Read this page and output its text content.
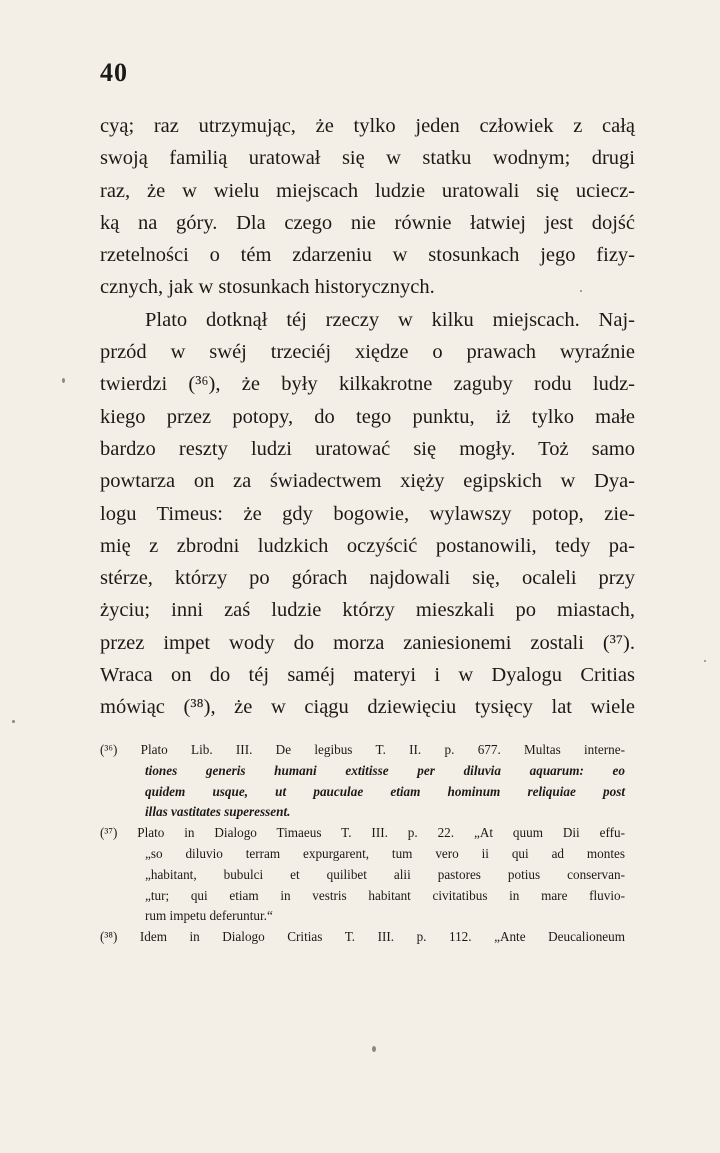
40
cyą; raz utrzymując, że tylko jeden człowiek z całą
swoją familią uratował się w statku wodnym; drugi
raz, że w wielu miejscach ludzie uratowali się uciecz-
ką na góry. Dla czego nie równie łatwiej jest dojść
rzetelności o tém zdarzeniu w stosunkach jego fizy-
cznych, jak w stosunkach historycznych.
Plato dotknął téj rzeczy w kilku miejscach. Naj-
przód w swéj trzeciéj xiędze o prawach wyraźnie
twierdzi (³⁶), że były kilkakrotne zaguby rodu ludz-
kiego przez potopy, do tego punktu, iż tylko małe
bardzo reszty ludzi uratować się mogły. Toż samo
powtarza on za świadectwem xięży egipskich w Dya-
logu Timeus: że gdy bogowie, wylawszy potop, zie-
mię z zbrodni ludzkich oczyścić postanowili, tedy pa-
stérze, którzy po górach najdowali się, ocaleli przy
życiu; inni zaś ludzie którzy mieszkali po miastach,
przez impet wody do morza zaniesionemi zostali (³⁷).
Wraca on do téj saméj materyi i w Dyalogu Critias
mówiąc (³⁸), że w ciągu dziewięciu tysięcy lat wiele
(³⁶) Plato Lib. III. De legibus T. II. p. 677. Multas interne-
tiones generis humani extitisse per diluvia aquarum: eo
quidem usque, ut pauculae etiam hominum reliquiae post
illas vastitates superessent.
(³⁷) Plato in Dialogo Timaeus T. III. p. 22. „At quum Dii effu-
„so diluvio terram expurgarent, tum vero ii qui ad montes
„habitant, bubulci et quilibet alii pastores potius conservan-
„tur; qui etiam in vestris habitant civitatibus in mare fluvio-
rum impetu deferuntur.“
(³⁸) Idem in Dialogo Critias T. III. p. 112. „Ante Deucalioneum
